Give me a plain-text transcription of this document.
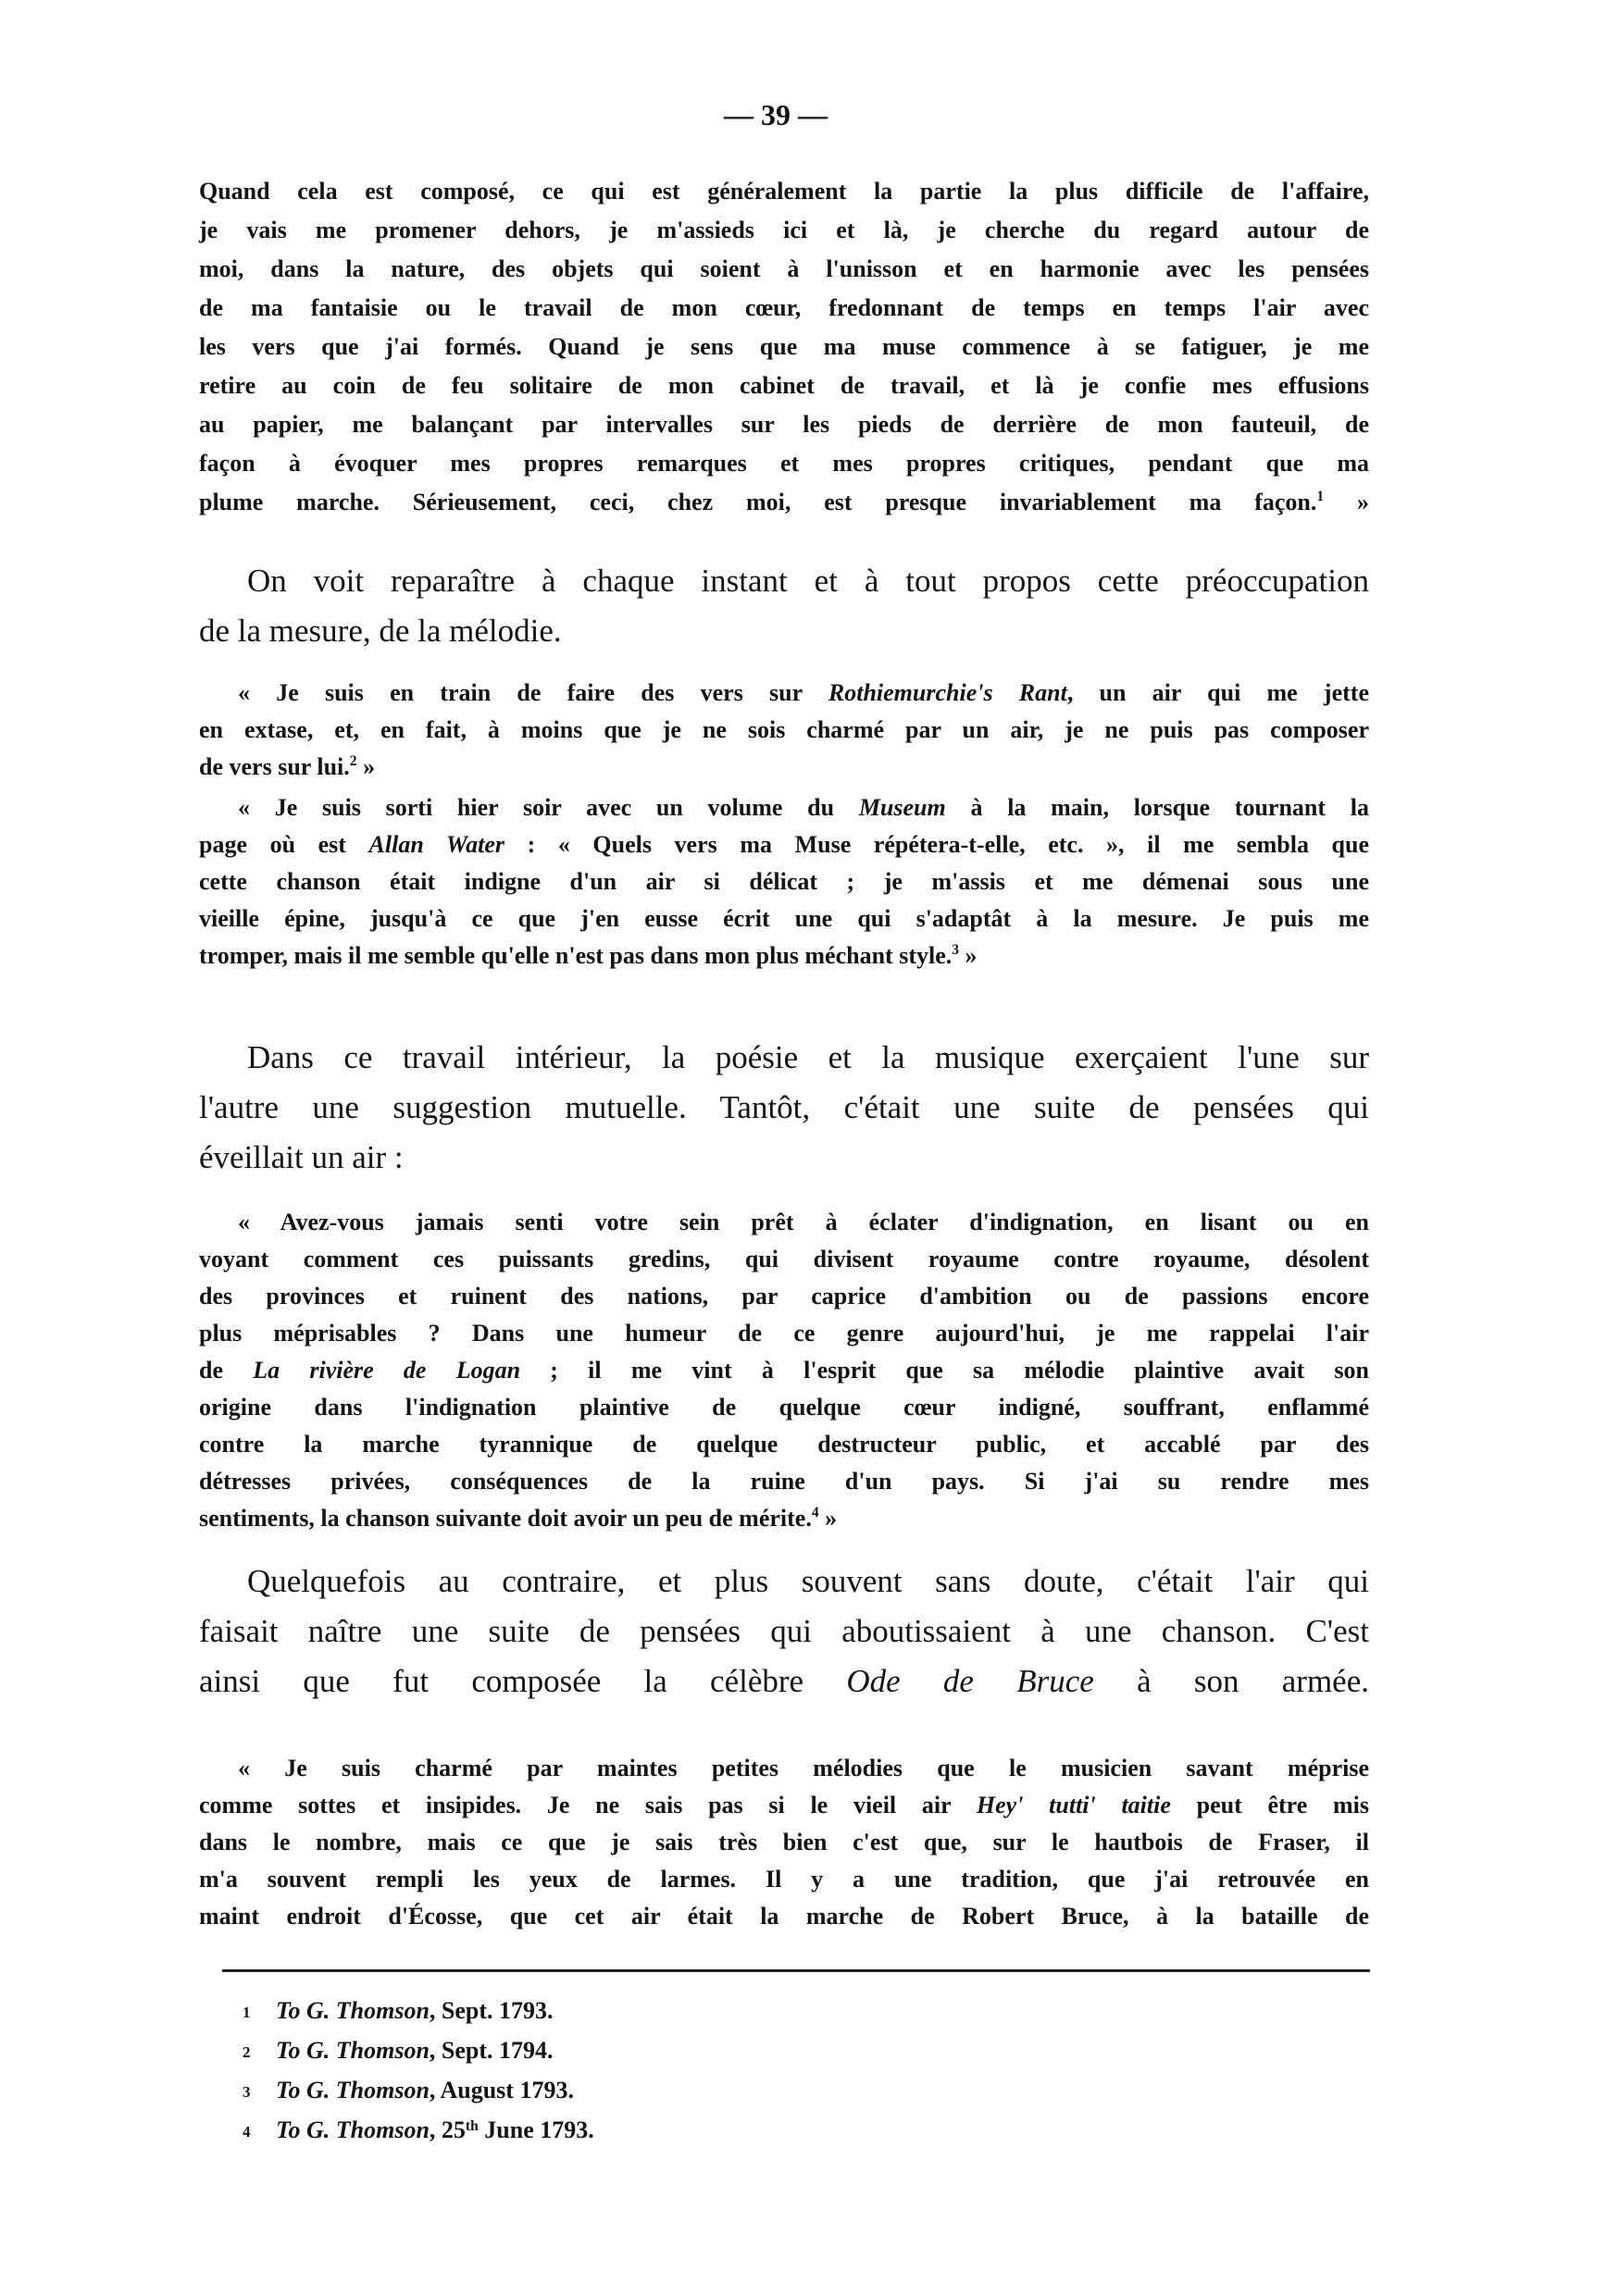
— 39 —
Quand cela est composé, ce qui est généralement la partie la plus difficile de l'affaire,
je vais me promener dehors, je m'assieds ici et là, je cherche du regard autour de
moi, dans la nature, des objets qui soient à l'unisson et en harmonie avec les pensées
de ma fantaisie ou le travail de mon cœur, fredonnant de temps en temps l'air avec
les vers que j'ai formés. Quand je sens que ma muse commence à se fatiguer, je me
retire au coin de feu solitaire de mon cabinet de travail, et là je confie mes effusions
au papier, me balançant par intervalles sur les pieds de derrière de mon fauteuil, de
façon à évoquer mes propres remarques et mes propres critiques, pendant que ma
plume marche. Sérieusement, ceci, chez moi, est presque invariablement ma façon.$^1$ »
On voit reparaître à chaque instant et à tout propos cette préoccupation
de la mesure, de la mélodie.
« Je suis en train de faire des vers sur Rothiemurchie's Rant, un air qui me jette
en extase, et, en fait, à moins que je ne sois charmé par un air, je ne puis pas composer
de vers sur lui.$^2$ »
« Je suis sorti hier soir avec un volume du Museum à la main, lorsque tournant la
page où est Allan Water : « Quels vers ma Muse répétera-t-elle, etc. », il me sembla que
cette chanson était indigne d'un air si délicat ; je m'assis et me démenai sous une
vieille épine, jusqu'à ce que j'en eusse écrit une qui s'adaptât à la mesure. Je puis me
tromper, mais il me semble qu'elle n'est pas dans mon plus méchant style.$^3$ »
Dans ce travail intérieur, la poésie et la musique exerçaient l'une sur
l'autre une suggestion mutuelle. Tantôt, c'était une suite de pensées qui
éveillait un air :
« Avez-vous jamais senti votre sein prêt à éclater d'indignation, en lisant ou en
voyant comment ces puissants gredins, qui divisent royaume contre royaume, désolent
des provinces et ruinent des nations, par caprice d'ambition ou de passions encore
plus méprisables ? Dans une humeur de ce genre aujourd'hui, je me rappelai l'air
de La rivière de Logan ; il me vint à l'esprit que sa mélodie plaintive avait son
origine dans l'indignation plaintive de quelque cœur indigné, souffrant, enflammé
contre la marche tyrannique de quelque destructeur public, et accablé par des
détresses privées, conséquences de la ruine d'un pays. Si j'ai su rendre mes
sentiments, la chanson suivante doit avoir un peu de mérite.$^4$ »
Quelquefois au contraire, et plus souvent sans doute, c'était l'air qui
faisait naître une suite de pensées qui aboutissaient à une chanson. C'est
ainsi que fut composée la célèbre Ode de Bruce à son armée.
« Je suis charmé par maintes petites mélodies que le musicien savant méprise
comme sottes et insipides. Je ne sais pas si le vieil air Hey' tutti' taitie peut être mis
dans le nombre, mais ce que je sais très bien c'est que, sur le hautbois de Fraser, il
m'a souvent rempli les yeux de larmes. Il y a une tradition, que j'ai retrouvée en
maint endroit d'Écosse, que cet air était la marche de Robert Bruce, à la bataille de
1 To G. Thomson, Sept. 1793.
2 To G. Thomson, Sept. 1794.
3 To G. Thomson, August 1793.
4 To G. Thomson, 25th June 1793.
